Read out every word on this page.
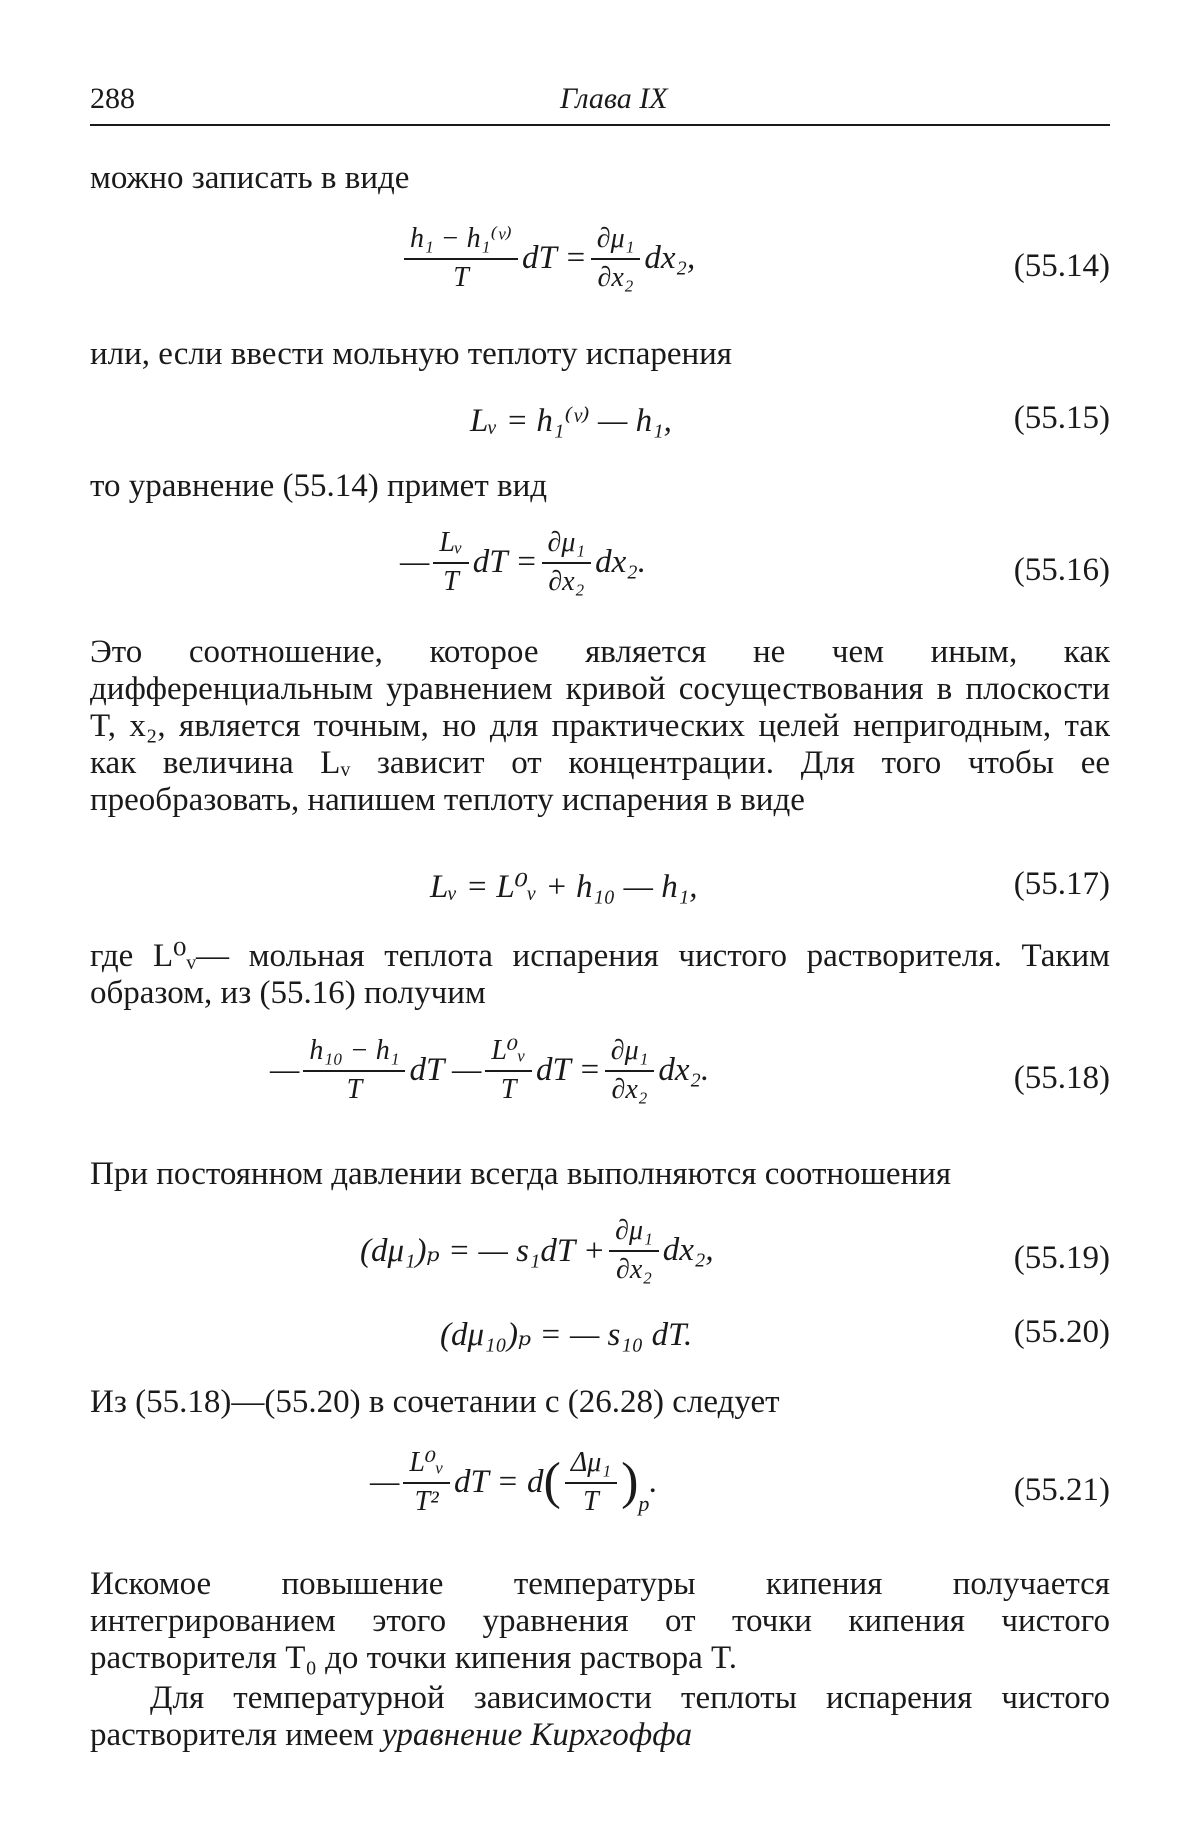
288	Глава IX
можно записать в виде
$\frac{\text{h₁ − h₁⁽ᵛ⁾}}{T}$ dT = $\frac{\text{∂μ₁}}{\text{∂x₂}} dx_2$,	(55.14)
или, если ввести мольную теплоту испарения
Lᵥ = h₁⁽ᵛ⁾ — h₁,	(55.15)
то уравнение (55.14) примет вид
— $\frac{\text{Lᵥ}}{T}$ dT = $\frac{\text{∂μ₁}}{\text{∂x₂}} dx_2$.	(55.16)
Это соотношение, которое является не чем иным, как дифференциальным уравнением кривой сосуществования в плоскости T, x₂, является точным, но для практических целей непригодным, так как величина Lᵥ зависит от концентрации. Для того чтобы ее преобразовать, напишем теплоту испарения в виде
Lᵥ = L⁰ᵥ + h₁₀ — h₁,	(55.17)
где L⁰ᵥ— мольная теплота испарения чистого растворителя. Таким образом, из (55.16) получим
— $\frac{\text{h₁₀ − h₁}}{T}$ dT — $\frac{\text{L⁰ᵥ}}{T}$ dT = $\frac{\text{∂μ₁}}{\text{∂x₂}} dx_2$.	(55.18)
При постоянном давлении всегда выполняются соотношения
(dμ₁)ₚ = — $s_1dT + \frac{\text{∂μ₁}}{\text{∂x₂}} dx_2$,	(55.19)
(dμ₁₀)ₚ = — s₁₀ dT.	(55.20)
Из (55.18)—(55.20) в сочетании с (26.28) следует
— $\frac{\text{L⁰ᵥ}}{\text{T²}}$ dT = d ( $\frac{\text{Δμ₁}}{T}$ ) p
.	(55.21)
Искомое повышение температуры кипения получается интегрированием этого уравнения от точки кипения чистого растворителя T₀ до точки кипения раствора T.
Для температурной зависимости теплоты испарения чистого растворителя имеем уравнение Кирхгоффа
